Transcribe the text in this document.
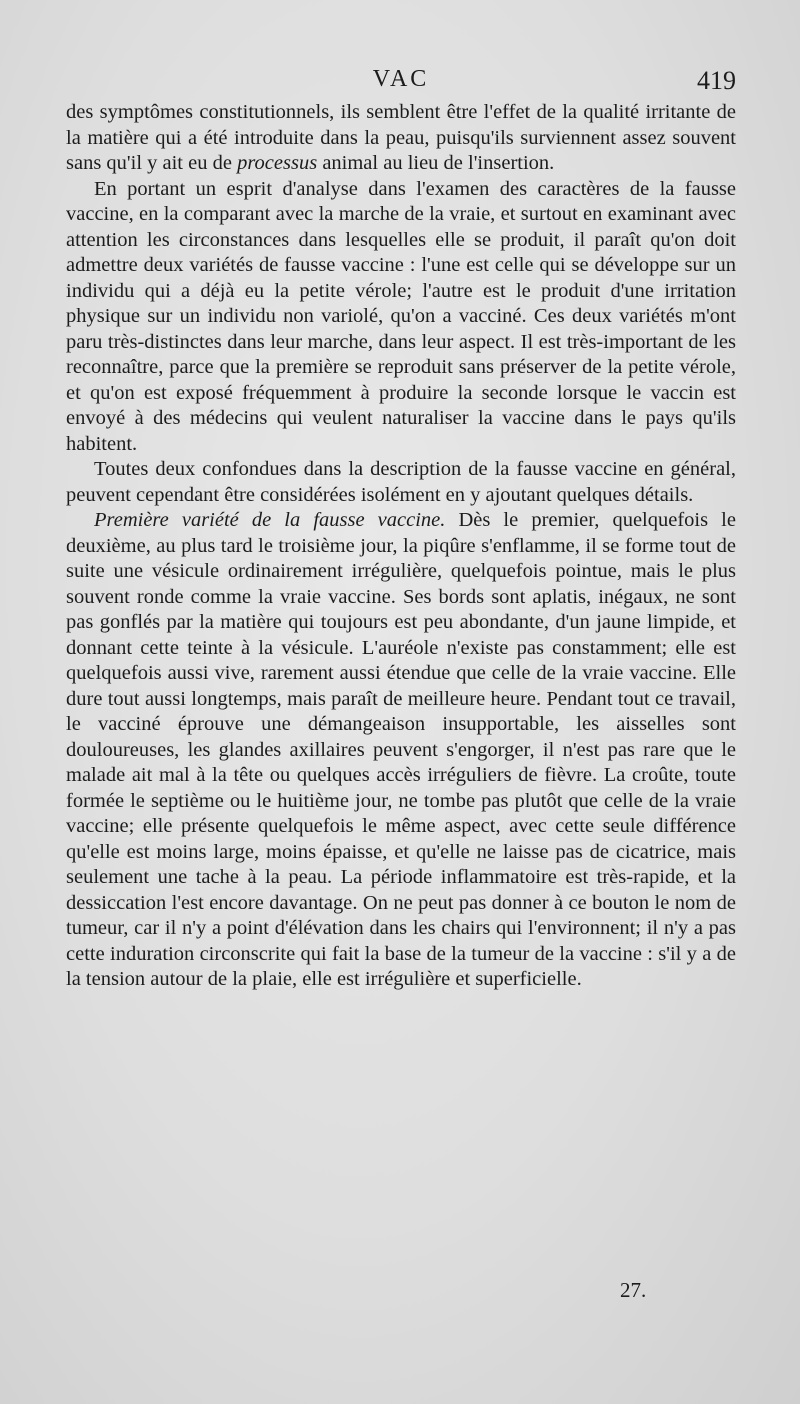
VAC	419

des symptômes constitutionnels, ils semblent être l'effet de la qualité irritante de la matière qui a été introduite dans la peau, puisqu'ils surviennent assez souvent sans qu'il y ait eu de processus animal au lieu de l'insertion.

En portant un esprit d'analyse dans l'examen des caractères de la fausse vaccine, en la comparant avec la marche de la vraie, et surtout en examinant avec attention les circonstances dans lesquelles elle se produit, il paraît qu'on doit admettre deux variétés de fausse vaccine : l'une est celle qui se développe sur un individu qui a déjà eu la petite vérole; l'autre est le produit d'une irritation physique sur un individu non variolé, qu'on a vacciné. Ces deux variétés m'ont paru très-distinctes dans leur marche, dans leur aspect. Il est très-important de les reconnaître, parce que la première se reproduit sans préserver de la petite vérole, et qu'on est exposé fréquemment à produire la seconde lorsque le vaccin est envoyé à des médecins qui veulent naturaliser la vaccine dans le pays qu'ils habitent.

Toutes deux confondues dans la description de la fausse vaccine en général, peuvent cependant être considérées isolément en y ajoutant quelques détails.

Première variété de la fausse vaccine. Dès le premier, quelquefois le deuxième, au plus tard le troisième jour, la piqûre s'enflamme, il se forme tout de suite une vésicule ordinairement irrégulière, quelquefois pointue, mais le plus souvent ronde comme la vraie vaccine. Ses bords sont aplatis, inégaux, ne sont pas gonflés par la matière qui toujours est peu abondante, d'un jaune limpide, et donnant cette teinte à la vésicule. L'auréole n'existe pas constamment; elle est quelquefois aussi vive, rarement aussi étendue que celle de la vraie vaccine. Elle dure tout aussi longtemps, mais paraît de meilleure heure. Pendant tout ce travail, le vacciné éprouve une démangeaison insupportable, les aisselles sont douloureuses, les glandes axillaires peuvent s'engorger, il n'est pas rare que le malade ait mal à la tête ou quelques accès irréguliers de fièvre. La croûte, toute formée le septième ou le huitième jour, ne tombe pas plutôt que celle de la vraie vaccine; elle présente quelquefois le même aspect, avec cette seule différence qu'elle est moins large, moins épaisse, et qu'elle ne laisse pas de cicatrice, mais seulement une tache à la peau. La période inflammatoire est très-rapide, et la dessiccation l'est encore davantage. On ne peut pas donner à ce bouton le nom de tumeur, car il n'y a point d'élévation dans les chairs qui l'environnent; il n'y a pas cette induration circonscrite qui fait la base de la tumeur de la vaccine : s'il y a de la tension autour de la plaie, elle est irrégulière et superficielle.

27.
